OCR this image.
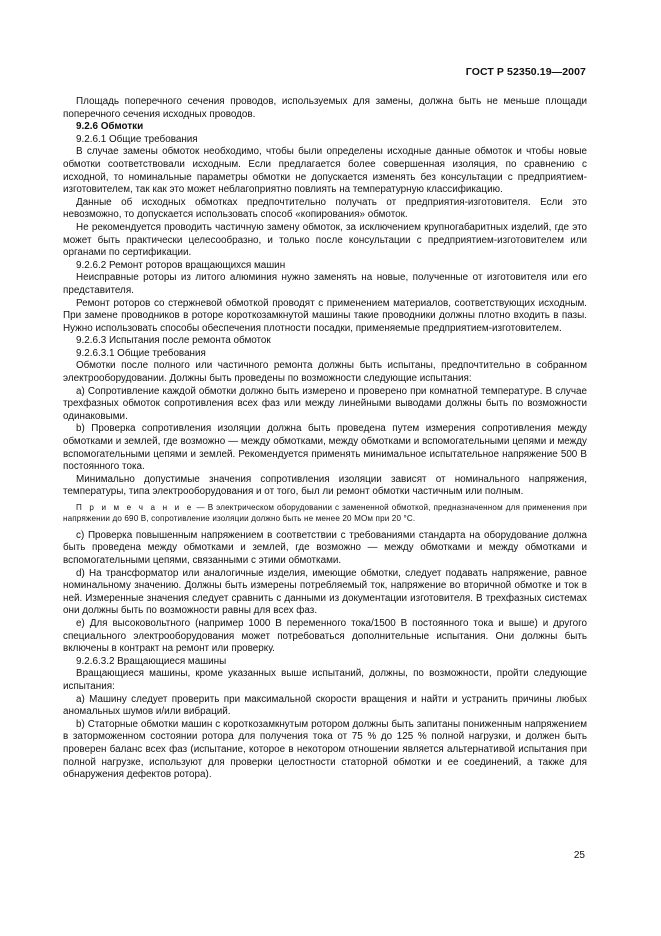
ГОСТ Р 52350.19—2007

Площадь поперечного сечения проводов, используемых для замены, должна быть не меньше площади поперечного сечения исходных проводов.

9.2.6 Обмотки

9.2.6.1 Общие требования

В случае замены обмоток необходимо, чтобы были определены исходные данные обмоток и чтобы новые обмотки соответствовали исходным. Если предлагается более совершенная изоляция, по сравнению с исходной, то номинальные параметры обмотки не допускается изменять без консультации с предприятием-изготовителем, так как это может неблагоприятно повлиять на температурную классификацию.

Данные об исходных обмотках предпочтительно получать от предприятия-изготовителя. Если это невозможно, то допускается использовать способ «копирования» обмоток.

Не рекомендуется проводить частичную замену обмоток, за исключением крупногабаритных изделий, где это может быть практически целесообразно, и только после консультации с предприятием-изготовителем или органами по сертификации.

9.2.6.2 Ремонт роторов вращающихся машин

Неисправные роторы из литого алюминия нужно заменять на новые, полученные от изготовителя или его представителя.

Ремонт роторов со стержневой обмоткой проводят с применением материалов, соответствующих исходным. При замене проводников в роторе короткозамкнутой машины такие проводники должны плотно входить в пазы. Нужно использовать способы обеспечения плотности посадки, применяемые предприятием-изготовителем.

9.2.6.3 Испытания после ремонта обмоток

9.2.6.3.1 Общие требования

Обмотки после полного или частичного ремонта должны быть испытаны, предпочтительно в собранном электрооборудовании. Должны быть проведены по возможности следующие испытания:

а) Сопротивление каждой обмотки должно быть измерено и проверено при комнатной температуре. В случае трехфазных обмоток сопротивления всех фаз или между линейными выводами должны быть по возможности одинаковыми.

b) Проверка сопротивления изоляции должна быть проведена путем измерения сопротивления между обмотками и землей, где возможно — между обмотками, между обмотками и вспомогательными цепями и между вспомогательными цепями и землей. Рекомендуется применять минимальное испытательное напряжение 500 В постоянного тока.

Минимально допустимые значения сопротивления изоляции зависят от номинального напряжения, температуры, типа электрооборудования и от того, был ли ремонт обмотки частичным или полным.

П р и м е ч а н и е — В электрическом оборудовании с замененной обмоткой, предназначенном для применения при напряжении до 690 В, сопротивление изоляции должно быть не менее 20 МОм при 20 °С.

с) Проверка повышенным напряжением в соответствии с требованиями стандарта на оборудование должна быть проведена между обмотками и землей, где возможно — между обмотками и между обмотками и вспомогательными цепями, связанными с этими обмотками.

d) На трансформатор или аналогичные изделия, имеющие обмотки, следует подавать напряжение, равное номинальному значению. Должны быть измерены потребляемый ток, напряжение во вторичной обмотке и ток в ней. Измеренные значения следует сравнить с данными из документации изготовителя. В трехфазных системах они должны быть по возможности равны для всех фаз.

е) Для высоковольтного (например 1000 В переменного тока/1500 В постоянного тока и выше) и другого специального электрооборудования может потребоваться дополнительные испытания. Они должны быть включены в контракт на ремонт или проверку.

9.2.6.3.2 Вращающиеся машины

Вращающиеся машины, кроме указанных выше испытаний, должны, по возможности, пройти следующие испытания:

а) Машину следует проверить при максимальной скорости вращения и найти и устранить причины любых аномальных шумов и/или вибраций.

b) Статорные обмотки машин с короткозамкнутым ротором должны быть запитаны пониженным напряжением в заторможенном состоянии ротора для получения тока от 75 % до 125 % полной нагрузки, и должен быть проверен баланс всех фаз (испытание, которое в некотором отношении является альтернативой испытания при полной нагрузке, используют для проверки целостности статорной обмотки и ее соединений, а также для обнаружения дефектов ротора).

25
